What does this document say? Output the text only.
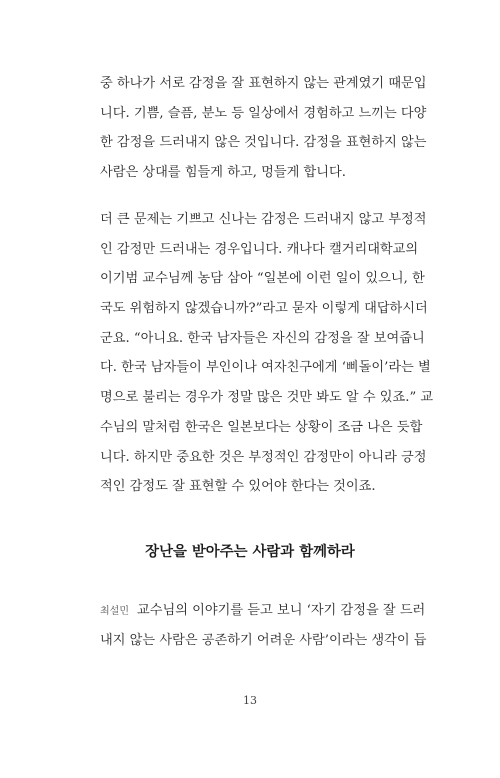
중 하나가 서로 감정을 잘 표현하지 않는 관계였기 때문입
니다. 기쁨, 슬픔, 분노 등 일상에서 경험하고 느끼는 다양
한 감정을 드러내지 않은 것입니다. 감정을 표현하지 않는
사람은 상대를 힘들게 하고, 멍들게 합니다.
더 큰 문제는 기쁘고 신나는 감정은 드러내지 않고 부정적
인 감정만 드러내는 경우입니다. 캐나다 캘거리대학교의
이기범 교수님께 농담 삼아 “일본에 이런 일이 있으니, 한
국도 위험하지 않겠습니까?”라고 묻자 이렇게 대답하시더
군요. “아니요. 한국 남자들은 자신의 감정을 잘 보여줍니
다. 한국 남자들이 부인이나 여자친구에게 ‘삐돌이’라는 별
명으로 불리는 경우가 정말 많은 것만 봐도 알 수 있죠.” 교
수님의 말처럼 한국은 일본보다는 상황이 조금 나은 듯합
니다. 하지만 중요한 것은 부정적인 감정만이 아니라 긍정
적인 감정도 잘 표현할 수 있어야 한다는 것이죠.
장난을 받아주는 사람과 함께하라
최설민 교수님의 이야기를 듣고 보니 ‘자기 감정을 잘 드러
내지 않는 사람은 공존하기 어려운 사람’이라는 생각이 듭
13
